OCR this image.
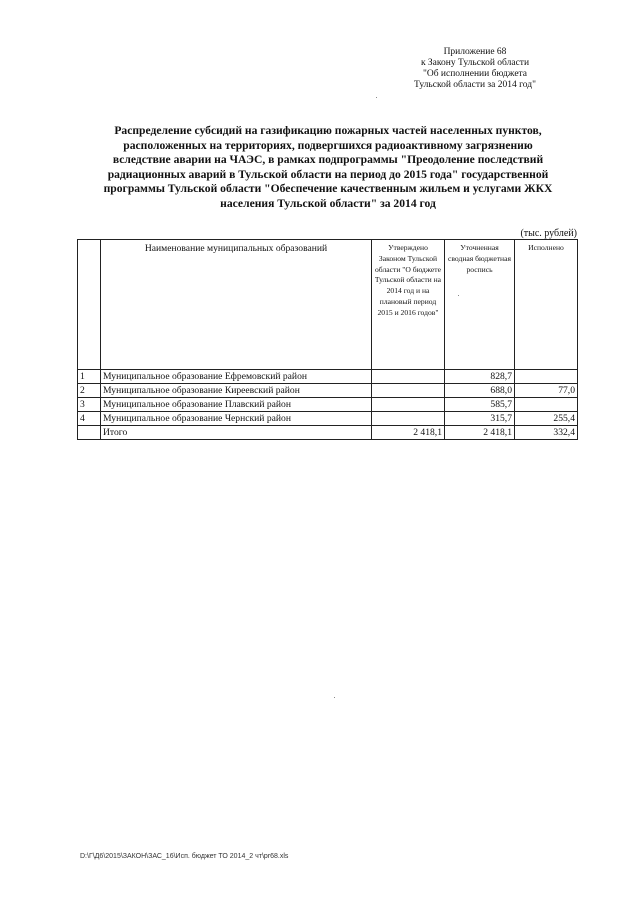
Приложение 68
к Закону Тульской области
"Об исполнении бюджета
Тульской области за 2014 год"
Распределение субсидий на газификацию пожарных частей населенных пунктов,
расположенных на территориях, подвергшихся радиоактивному загрязнению
вследствие аварии на ЧАЭС, в рамках подпрограммы "Преодоление последствий
радиационных аварий в Тульской области на период до 2015 года" государственной
программы Тульской области "Обеспечение качественным жильем и услугами ЖКХ
населения Тульской области" за 2014 год
(тыс. рублей)
	Наименование муниципальных образований	Утверждено Законом Тульской области "О бюджете Тульской области на 2014 год и на плановый период 2015 и 2016 годов"	Уточненная сводная бюджетная роспись	Исполнено
1	Муниципальное образование Ефремовский район		828,7	
2	Муниципальное образование Киреевский район		688,0	77,0
3	Муниципальное образование Плавский район		585,7	
4	Муниципальное образование Чернский район		315,7	255,4
	Итого	2 418,1	2 418,1	332,4
D:\Г\Д6\2015\ЗАКОН\ЗАС_16\Исп. бюджет ТО 2014_2 чт\pr68.xls
